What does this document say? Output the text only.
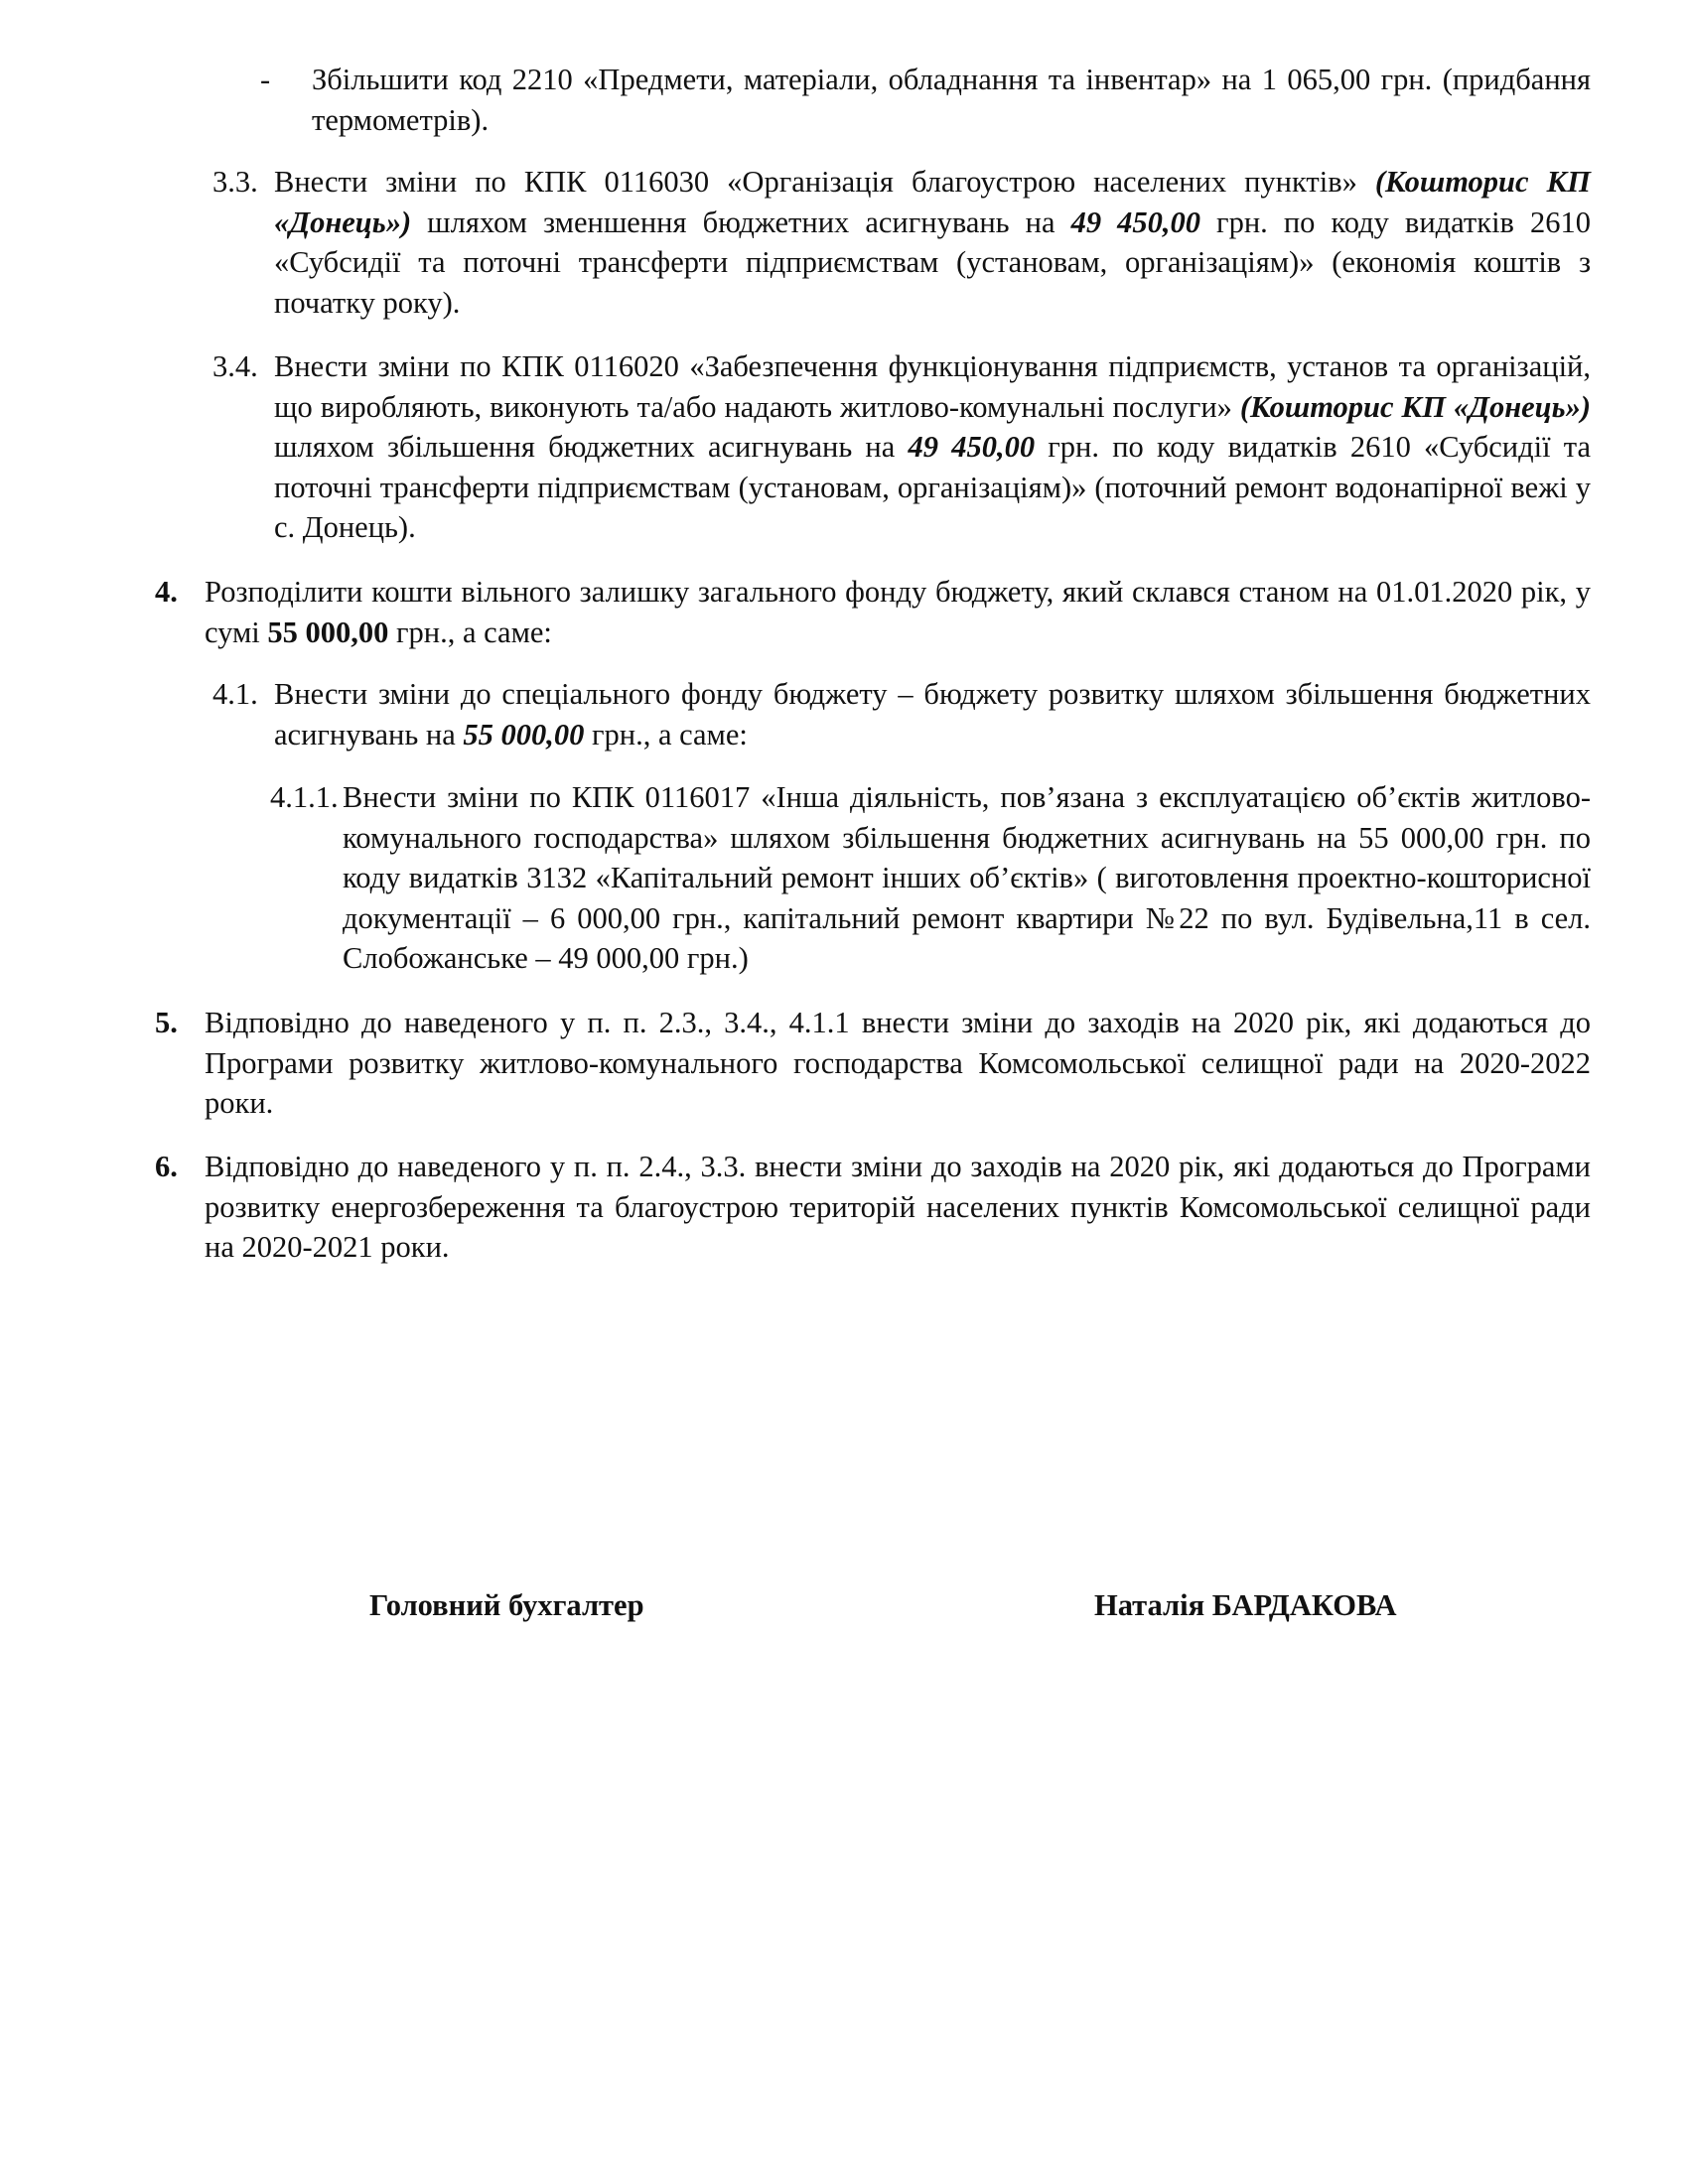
- Збільшити код 2210 «Предмети, матеріали, обладнання та інвентар» на 1 065,00 грн. (придбання термометрів).
3.3. Внести зміни по КПК 0116030 «Організація благоустрою населених пунктів» (Кошторис КП «Донець») шляхом зменшення бюджетних асигнувань на 49 450,00 грн. по коду видатків 2610 «Субсидії та поточні трансферти підприємствам (установам, організаціям)» (економія коштів з початку року).
3.4. Внести зміни по КПК 0116020 «Забезпечення функціонування підприємств, установ та організацій, що виробляють, виконують та/або надають житлово-комунальні послуги» (Кошторис КП «Донець») шляхом збільшення бюджетних асигнувань на 49 450,00 грн. по коду видатків 2610 «Субсидії та поточні трансферти підприємствам (установам, організаціям)» (поточний ремонт водонапірної вежі у с. Донець).
4. Розподілити кошти вільного залишку загального фонду бюджету, який склався станом на 01.01.2020 рік, у сумі 55 000,00 грн., а саме:
4.1. Внести зміни до спеціального фонду бюджету – бюджету розвитку шляхом збільшення бюджетних асигнувань на 55 000,00 грн., а саме:
4.1.1. Внести зміни по КПК 0116017 «Інша діяльність, пов’язана з експлуатацією об’єктів житлово-комунального господарства» шляхом збільшення бюджетних асигнувань на 55 000,00 грн. по коду видатків 3132 «Капітальний ремонт інших об’єктів» ( виготовлення проектно-кошторисної документації – 6 000,00 грн., капітальний ремонт квартири №22 по вул. Будівельна,11 в сел. Слобожанське – 49 000,00 грн.)
5. Відповідно до наведеного у п. п. 2.3., 3.4., 4.1.1 внести зміни до заходів на 2020 рік, які додаються до Програми розвитку житлово-комунального господарства Комсомольської селищної ради на 2020-2022 роки.
6. Відповідно до наведеного у п. п. 2.4., 3.3. внести зміни до заходів на 2020 рік, які додаються до Програми розвитку енергозбереження та благоустрою територій населених пунктів Комсомольської селищної ради на 2020-2021 роки.
Головний бухгалтер	Наталія БАРДАКОВА
